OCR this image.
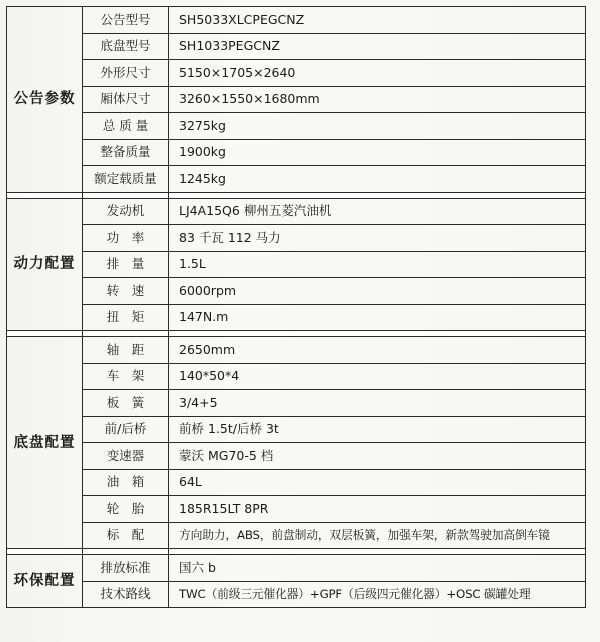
公告参数	公告型号	SH5033XLCPEGCNZ
	底盘型号	SH1033PEGCNZ
	外形尺寸	5150×1705×2640
	厢体尺寸	3260×1550×1680mm
	总 质 量	3275kg
	整备质量	1900kg
	额定载质量	1245kg

动力配置	发动机	LJ4A15Q6 柳州五菱汽油机
	功　率	83 千瓦 112 马力
	排　量	1.5L
	转　速	6000rpm
	扭　矩	147N.m

底盘配置	轴　距	2650mm
	车　架	140*50*4
	板　簧	3/4+5
	前/后桥	前桥 1.5t/后桥 3t
	变速器	蒙沃 MG70-5 档
	油　箱	64L
	轮　胎	185R15LT 8PR
	标　配	方向助力，ABS，前盘制动，双层板簧，加强车架，新款驾驶加高倒车镜

环保配置	排放标准	国六 b
	技术路线	TWC（前级三元催化器）+GPF（后级四元催化器）+OSC 碳罐处理
